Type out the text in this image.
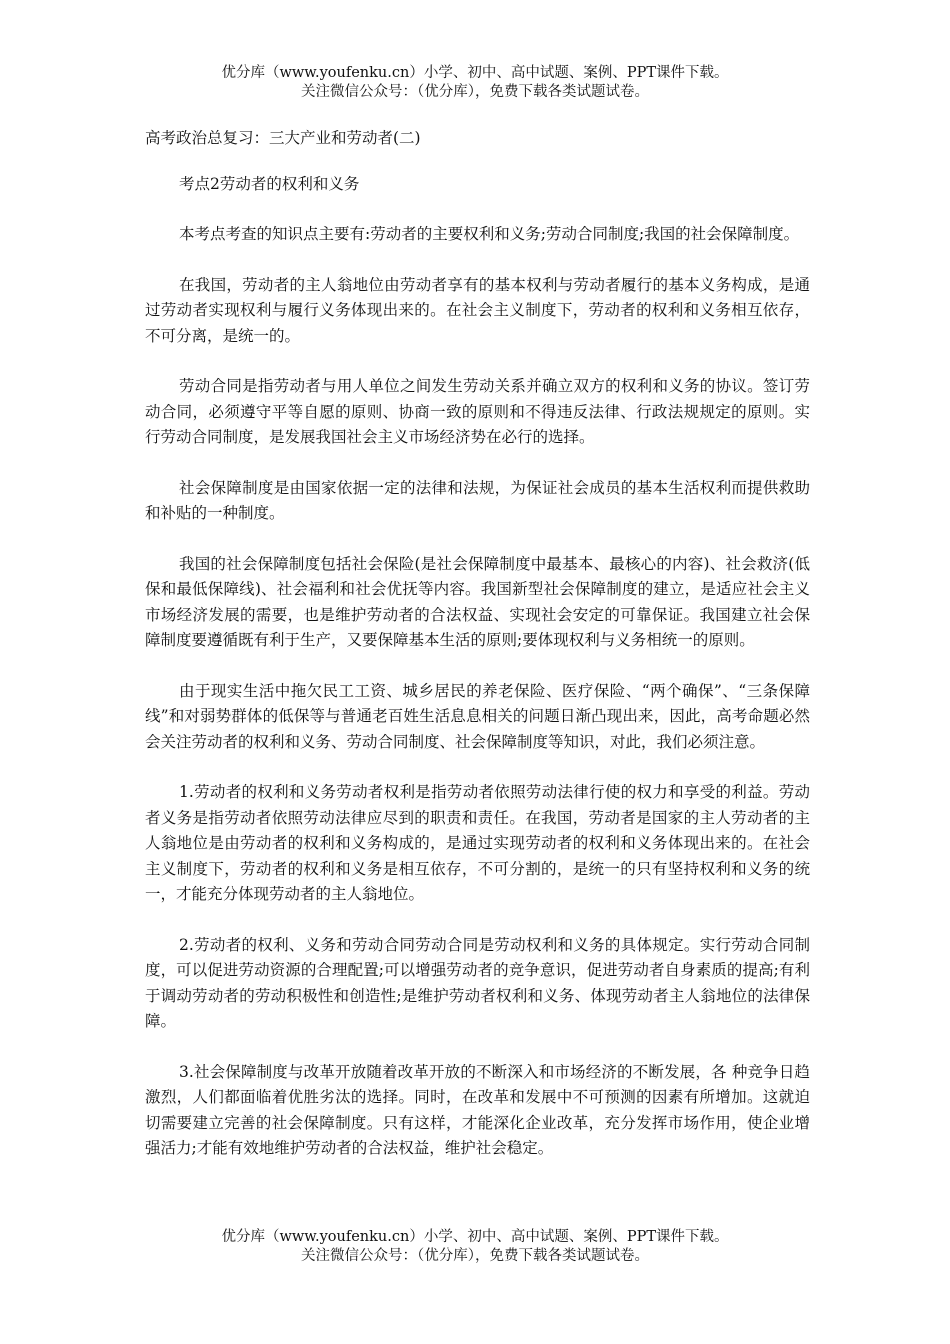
优分库（www.youfenku.cn）小学、初中、高中试题、案例、PPT课件下载。
关注微信公众号：（优分库），免费下载各类试题试卷。
高考政治总复习：三大产业和劳动者(二)
考点2劳动者的权利和义务

本考点考查的知识点主要有:劳动者的主要权利和义务;劳动合同制度;我国的社会保障制度。

在我国，劳动者的主人翁地位由劳动者享有的基本权利与劳动者履行的基本义务构成，是通过劳动者实现权利与履行义务体现出来的。在社会主义制度下，劳动者的权利和义务相互依存，不可分离，是统一的。

劳动合同是指劳动者与用人单位之间发生劳动关系并确立双方的权利和义务的协议。签订劳动合同，必须遵守平等自愿的原则、协商一致的原则和不得违反法律、行政法规规定的原则。实行劳动合同制度，是发展我国社会主义市场经济势在必行的选择。

社会保障制度是由国家依据一定的法律和法规，为保证社会成员的基本生活权利而提供救助和补贴的一种制度。

我国的社会保障制度包括社会保险(是社会保障制度中最基本、最核心的内容)、社会救济(低保和最低保障线)、社会福利和社会优抚等内容。我国新型社会保障制度的建立，是适应社会主义市场经济发展的需要，也是维护劳动者的合法权益、实现社会安定的可靠保证。我国建立社会保障制度要遵循既有利于生产，又要保障基本生活的原则;要体现权利与义务相统一的原则。

由于现实生活中拖欠民工工资、城乡居民的养老保险、医疗保险、“两个确保”、“三条保障线”和对弱势群体的低保等与普通老百姓生活息息相关的问题日渐凸现出来，因此，高考命题必然会关注劳动者的权利和义务、劳动合同制度、社会保障制度等知识，对此，我们必须注意。

1.劳动者的权利和义务劳动者权利是指劳动者依照劳动法律行使的权力和享受的利益。劳动者义务是指劳动者依照劳动法律应尽到的职责和责任。在我国，劳动者是国家的主人劳动者的主人翁地位是由劳动者的权利和义务构成的，是通过实现劳动者的权利和义务体现出来的。在社会主义制度下，劳动者的权利和义务是相互依存，不可分割的，是统一的只有坚持权利和义务的统一，才能充分体现劳动者的主人翁地位。

2.劳动者的权利、义务和劳动合同劳动合同是劳动权利和义务的具体规定。实行劳动合同制度，可以促进劳动资源的合理配置;可以增强劳动者的竞争意识，促进劳动者自身素质的提高;有利于调动劳动者的劳动积极性和创造性;是维护劳动者权利和义务、体现劳动者主人翁地位的法律保障。

3.社会保障制度与改革开放随着改革开放的不断深入和市场经济的不断发展，各 种竞争日趋激烈，人们都面临着优胜劣汰的选择。同时，在改革和发展中不可预测的因素有所增加。这就迫切需要建立完善的社会保障制度。只有这样，才能深化企业改革，充分发挥市场作用，使企业增强活力;才能有效地维护劳动者的合法权益，维护社会稳定。

优分库（www.youfenku.cn）小学、初中、高中试题、案例、PPT课件下载。
关注微信公众号：（优分库），免费下载各类试题试卷。
